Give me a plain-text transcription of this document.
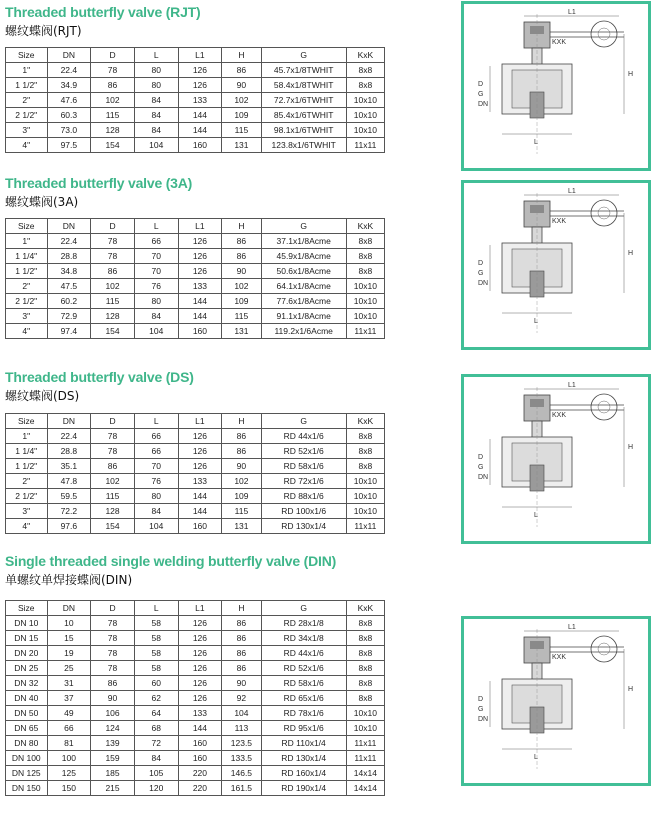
Threaded butterfly valve (RJT)
螺纹蝶阀(RJT)
Size	DN	D	L	L1	H	G	KxK
1"	22.4	78	80	126	86	45.7x1/8TWHIT	8x8
1 1/2"	34.9	86	80	126	90	58.4x1/8TWHIT	8x8
2"	47.6	102	84	133	102	72.7x1/6TWHIT	10x10
2 1/2"	60.3	115	84	144	109	85.4x1/6TWHIT	10x10
3"	73.0	128	84	144	115	98.1x1/6TWHIT	10x10
4"	97.5	154	104	160	131	123.8x1/6TWHIT	11x11
Threaded butterfly valve (3A)
螺纹蝶阀(3A)
Size	DN	D	L	L1	H	G	KxK
1"	22.4	78	66	126	86	37.1x1/8Acme	8x8
1 1/4"	28.8	78	70	126	86	45.9x1/8Acme	8x8
1 1/2"	34.8	86	70	126	90	50.6x1/8Acme	8x8
2"	47.5	102	76	133	102	64.1x1/8Acme	10x10
2 1/2"	60.2	115	80	144	109	77.6x1/8Acme	10x10
3"	72.9	128	84	144	115	91.1x1/8Acme	10x10
4"	97.4	154	104	160	131	119.2x1/6Acme	11x11
Threaded butterfly valve (DS)
螺纹蝶阀(DS)
Size	DN	D	L	L1	H	G	KxK
1"	22.4	78	66	126	86	RD 44x1/6	8x8
1 1/4"	28.8	78	66	126	86	RD 52x1/6	8x8
1 1/2"	35.1	86	70	126	90	RD 58x1/6	8x8
2"	47.8	102	76	133	102	RD 72x1/6	10x10
2 1/2"	59.5	115	80	144	109	RD 88x1/6	10x10
3"	72.2	128	84	144	115	RD 100x1/6	10x10
4"	97.6	154	104	160	131	RD 130x1/4	11x11
Single threaded single welding butterfly valve (DIN)
单螺纹单焊接蝶阀(DIN)
Size	DN	D	L	L1	H	G	KxK
DN 10	10	78	58	126	86	RD 28x1/8	8x8
DN 15	15	78	58	126	86	RD 34x1/8	8x8
DN 20	19	78	58	126	86	RD 44x1/6	8x8
DN 25	25	78	58	126	86	RD 52x1/6	8x8
DN 32	31	86	60	126	90	RD 58x1/6	8x8
DN 40	37	90	62	126	92	RD 65x1/6	8x8
DN 50	49	106	64	133	104	RD 78x1/6	10x10
DN 65	66	124	68	144	113	RD 95x1/6	10x10
DN 80	81	139	72	160	123.5	RD 110x1/4	11x11
DN 100	100	159	84	160	133.5	RD 130x1/4	11x11
DN 125	125	185	105	220	146.5	RD 160x1/4	14x14
DN 150	150	215	120	220	161.5	RD 190x1/4	14x14
L1
KXK
H
D
G
DN
L
L1
KXK
H
D
G
DN
L
L1
KXK
H
D
G
DN
L
L1
KXK
H
D
G
DN
L
